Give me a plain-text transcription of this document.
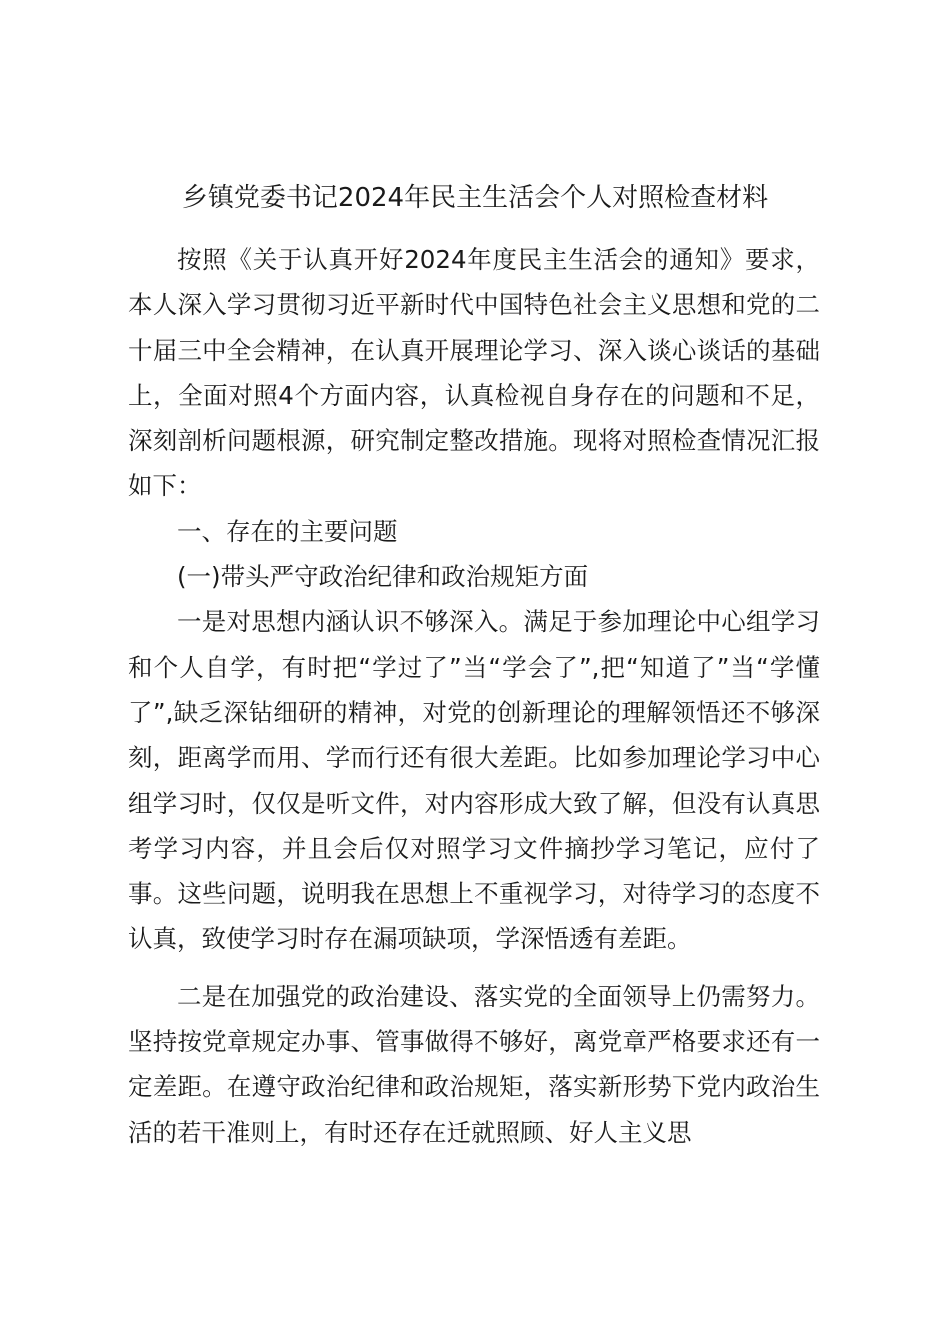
乡镇党委书记2024年民主生活会个人对照检查材料

按照《关于认真开好2024年度民主生活会的通知》要求，本人深入学习贯彻习近平新时代中国特色社会主义思想和党的二十届三中全会精神，在认真开展理论学习、深入谈心谈话的基础上，全面对照4个方面内容，认真检视自身存在的问题和不足，深刻剖析问题根源，研究制定整改措施。现将对照检查情况汇报如下：

一、存在的主要问题

(一)带头严守政治纪律和政治规矩方面

一是对思想内涵认识不够深入。满足于参加理论中心组学习和个人自学，有时把“学过了”当“学会了”,把“知道了”当“学懂了”,缺乏深钻细研的精神，对党的创新理论的理解领悟还不够深刻，距离学而用、学而行还有很大差距。比如参加理论学习中心组学习时，仅仅是听文件，对内容形成大致了解，但没有认真思考学习内容，并且会后仅对照学习文件摘抄学习笔记，应付了事。这些问题，说明我在思想上不重视学习，对待学习的态度不认真，致使学习时存在漏项缺项，学深悟透有差距。

二是在加强党的政治建设、落实党的全面领导上仍需努力。坚持按党章规定办事、管事做得不够好，离党章严格要求还有一定差距。在遵守政治纪律和政治规矩，落实新形势下党内政治生活的若干准则上，有时还存在迁就照顾、好人主义思
